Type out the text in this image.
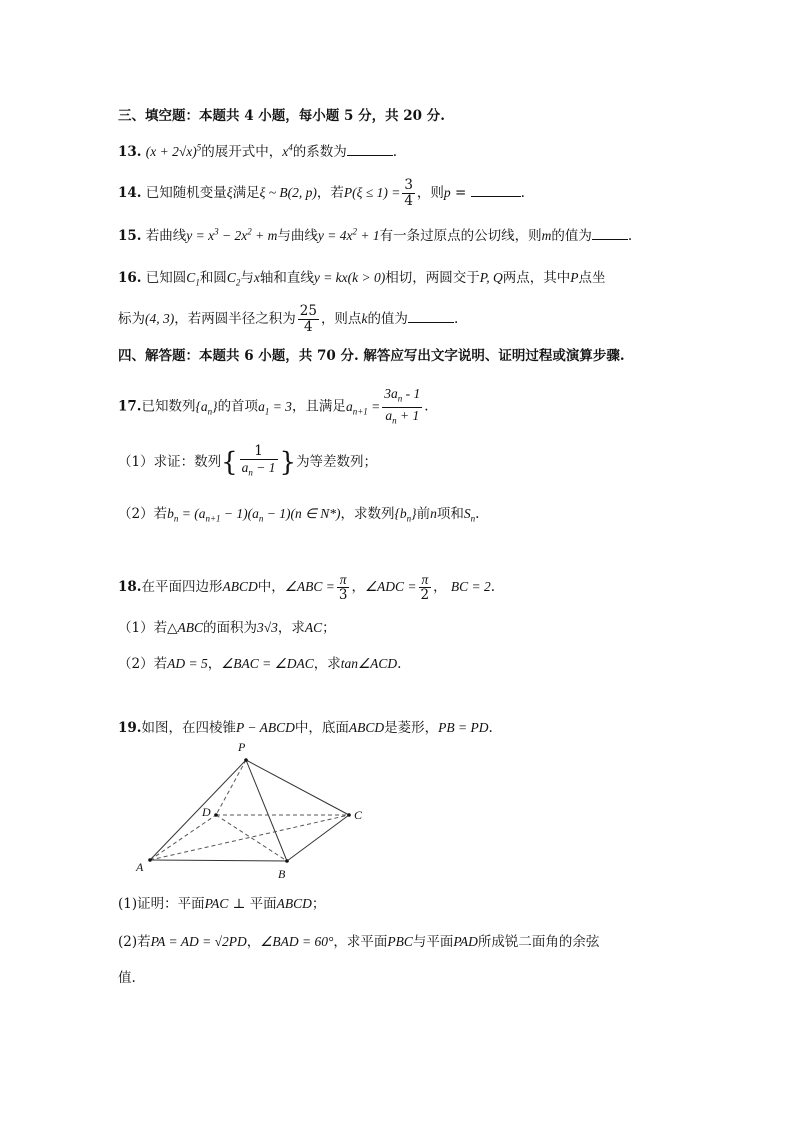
三、填空题：本题共 4 小题，每小题 5 分，共 20 分.
13. $(x + 2√x)^5$的展开式中，$x^4$的系数为	.
14. 已知随机变量ξ满足ξ ~ B(2, p)，若$P(\xi \le 1) = \frac{3}{4}$ ，则p =	.
15. 若曲线$y = x^3 - 2x^2 + m$与曲线$y = 4x^2 + 1$有一条过原点的公切线，则m的值为	.
16. 已知圆$C_1$和圆$C_2$与x轴和直线y = kx(k > 0)相切，两圆交于P, Q两点，其中P点坐
标为(4, 3)，若两圆半径之积为 $\frac{25}{4}$ ，则点k的值为	.
四、解答题：本题共 6 小题，共 70 分. 解答应写出文字说明、证明过程或演算步骤.
17.已知数列$\{a_n\}$的首项$a_1 = 3$，且满足$a_{n+1} = \frac{3a_n - 1}{a_n + 1}$ .
（1）求证：数列{ $\frac{1}{a_n - 1}$ }为等差数列；
（2）若$b_n = (a_{n+1} - 1)(a_n - 1)(n$ ∈ N*)，求数列$\{b_n\}$前n项和$S_n$.
18.在平面四边形ABCD中，∠ABC = $\frac{\pi}{3}$ ，∠ADC = $\frac{\pi}{2}$ ， BC = 2.
（1）若△ABC的面积为3√3，求AC；
（2）若AD = 5，∠BAC = ∠DAC，求tan∠ACD.
19.如图，在四棱锥P − ABCD中，底面ABCD是菱形，PB = PD.
P
D	C
A	B
(1)证明：平面PAC ⊥ 平面ABCD；
(2)若PA = AD = √2PD，∠BAD = 60°，求平面PBC与平面PAD所成锐二面角的余弦
值.
